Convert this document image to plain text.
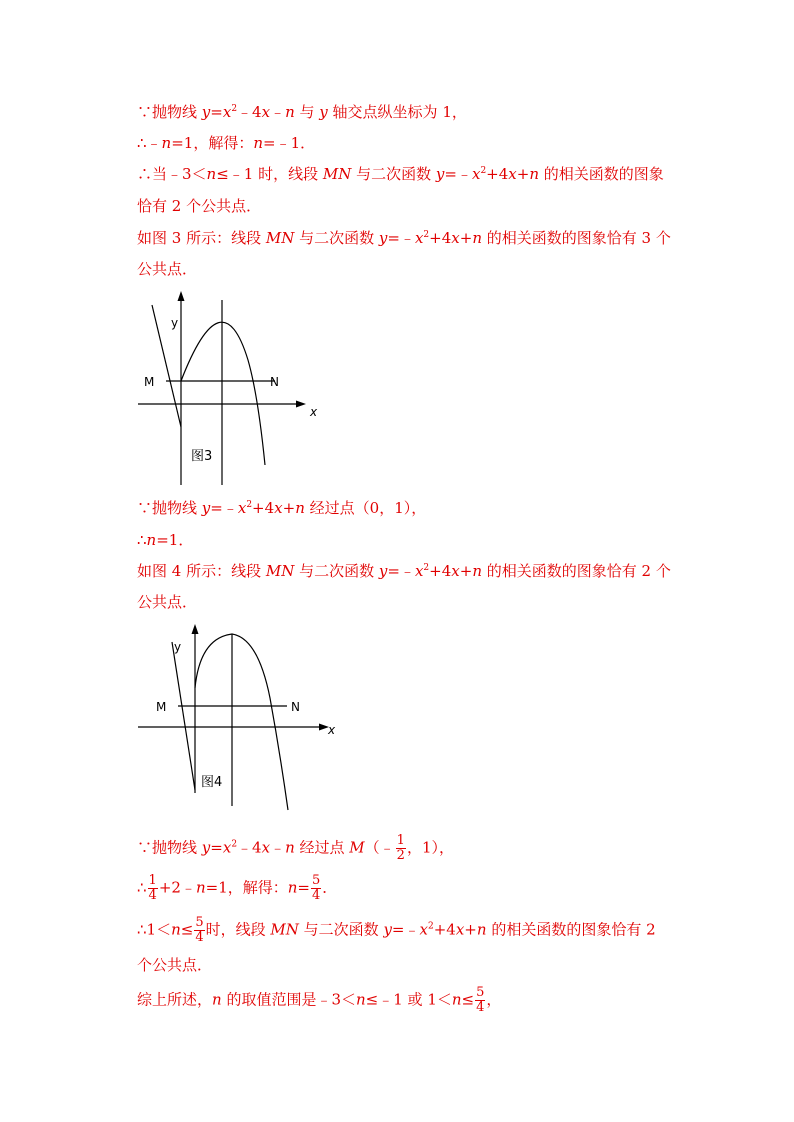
∵抛物线 $y=x^2﹣4x﹣n$ 与 y 轴交点纵坐标为 1，
∴﹣n=1，解得：n=﹣1．
∴当﹣3＜n≤﹣1 时，线段 MN 与二次函数 $y=﹣x^2+4x+n$ 的相关函数的图象
恰有 2 个公共点．
如图 3 所示：线段 MN 与二次函数 $y=﹣x^2+4x+n$ 的相关函数的图象恰有 3 个
公共点．
y
x
M	N
图3
∵抛物线 $y=﹣x^2+4x+n$ 经过点（0，1），
∴n=1．
如图 4 所示：线段 MN 与二次函数 $y=﹣x^2+4x+n$ 的相关函数的图象恰有 2 个
公共点．
y
x
M	N
图4
∵抛物线 $y=x^2﹣4x﹣n$ 经过点 M（﹣ $\frac{1}{2}$ ，1），
∴ $\frac{1}{4}$ +2﹣n=1，解得：$n= \frac{5}{4}$ ．
∴1＜n≤ $\frac{5}{4}$ 时，线段 MN 与二次函数 $y=﹣x^2+4x+n$ 的相关函数的图象恰有 2
个公共点．
综上所述，n 的取值范围是﹣3＜n≤﹣1 或 $1<n\le \frac{5}{4}$ ，
